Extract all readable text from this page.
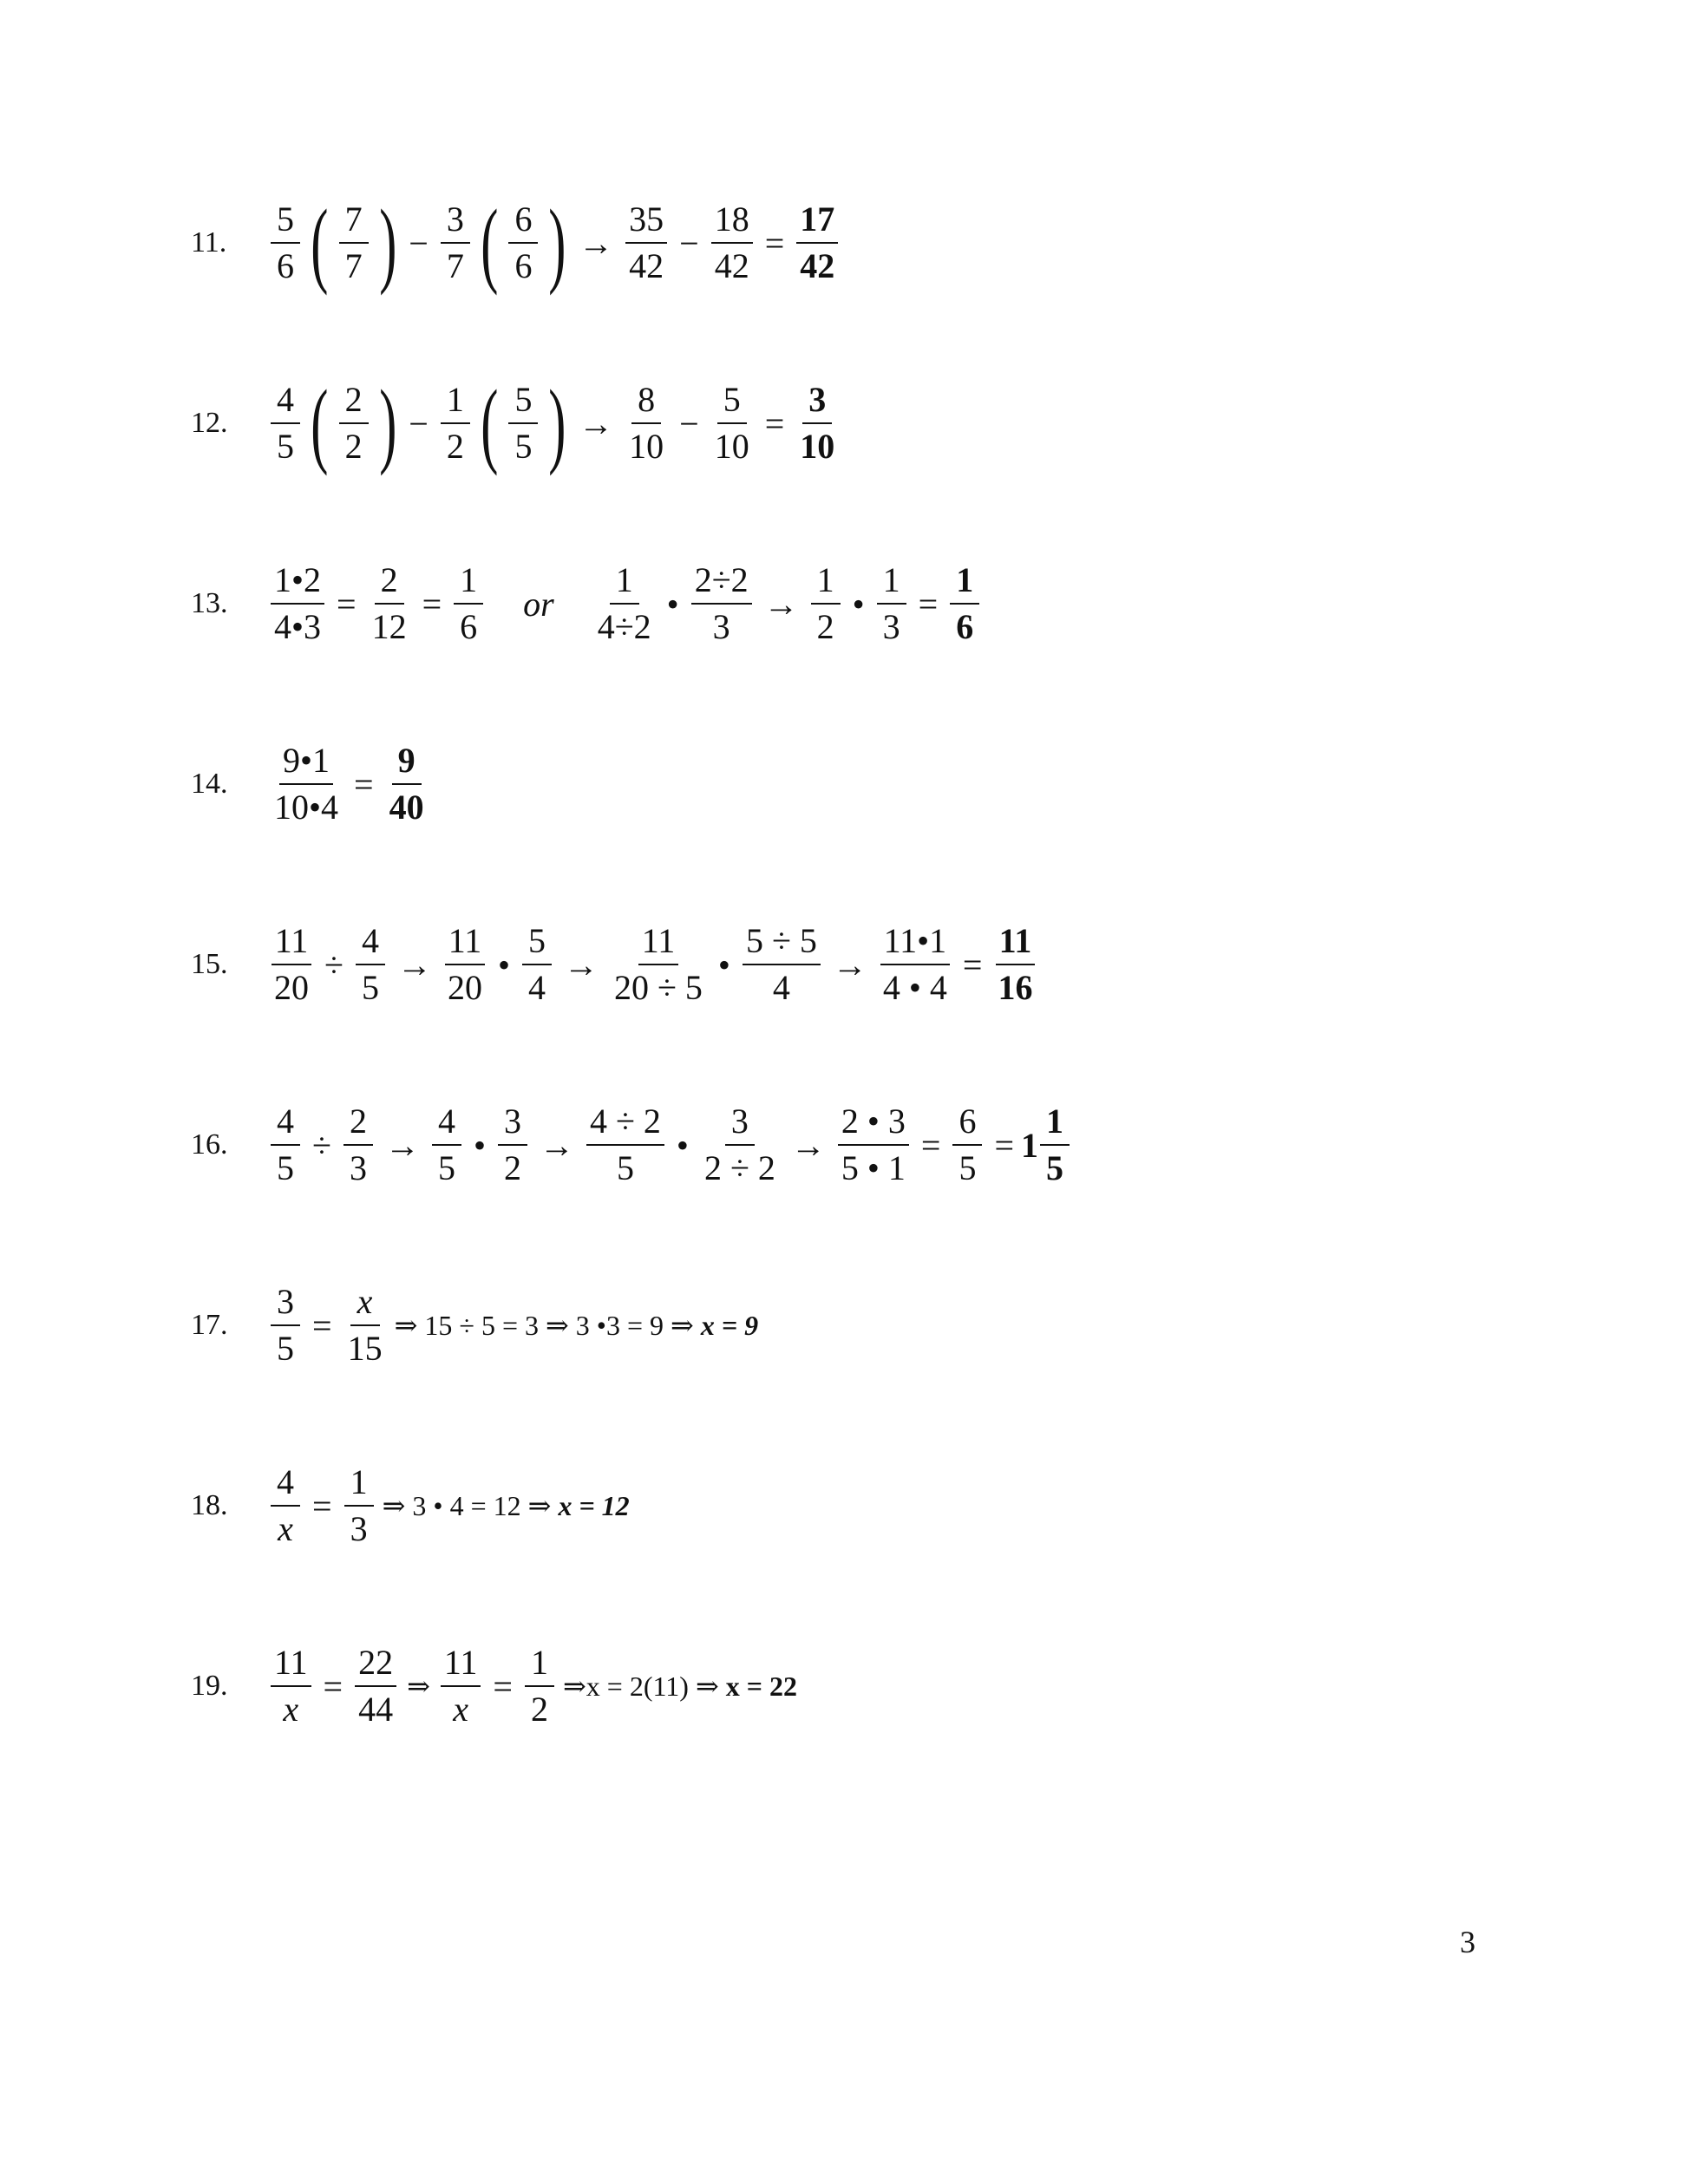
11.	$\frac{5}{6}$ ( $\frac{7}{7}$ ) − $\frac{3}{7}$ ( $\frac{6}{6}$ ) → $\frac{35}{42} - \frac{18}{42} = \frac{17}{42}$
12.	$\frac{4}{5}$ ( $\frac{2}{2}$ ) − $\frac{1}{2}$ ( $\frac{5}{5}$ ) → $\frac{8}{10} - \frac{5}{10} = \frac{3}{10}$
13.	$\frac{1•2}{4•3} = \frac{2}{12} = \frac{1}{6}$ or $\frac{1}{4\div 2}$ • $\frac{2\div 2}{3} \to \frac{1}{2}$ • $\frac{1}{3} = \frac{1}{6}$
14.	$\frac{9•1}{10•4} = \frac{9}{40}$
15.	$\frac{11}{20} \div \frac{4}{5} \to \frac{11}{20}$ • $\frac{5}{4} \to \frac{11}{20 \div 5}$ • $\frac{5 \div 5}{4} \to \frac{11•1}{4 • 4} = \frac{11}{16}$
16.	$\frac{4}{5} \div \frac{2}{3} \to \frac{4}{5}$ • $\frac{3}{2} \to \frac{4 \div 2}{5}$ • $\frac{3}{2 \div 2} \to \frac{2 • 3}{5 • 1} = \frac{6}{5} = 1 \frac{1}{5}$
17.	$\frac{3}{5} = \frac{x}{15}$ ⇒ 15 ÷ 5 = 3 ⇒ 3 •3 = 9 ⇒ x = 9
18.	$\frac{4}{x} = \frac{1}{3}$ ⇒ 3 • 4 = 12 ⇒ x = 12
19.	$\frac{11}{x} = \frac{22}{44}$ ⇒ $\frac{11}{x} = \frac{1}{2}$ ⇒x = 2(11) ⇒ x = 22
3
